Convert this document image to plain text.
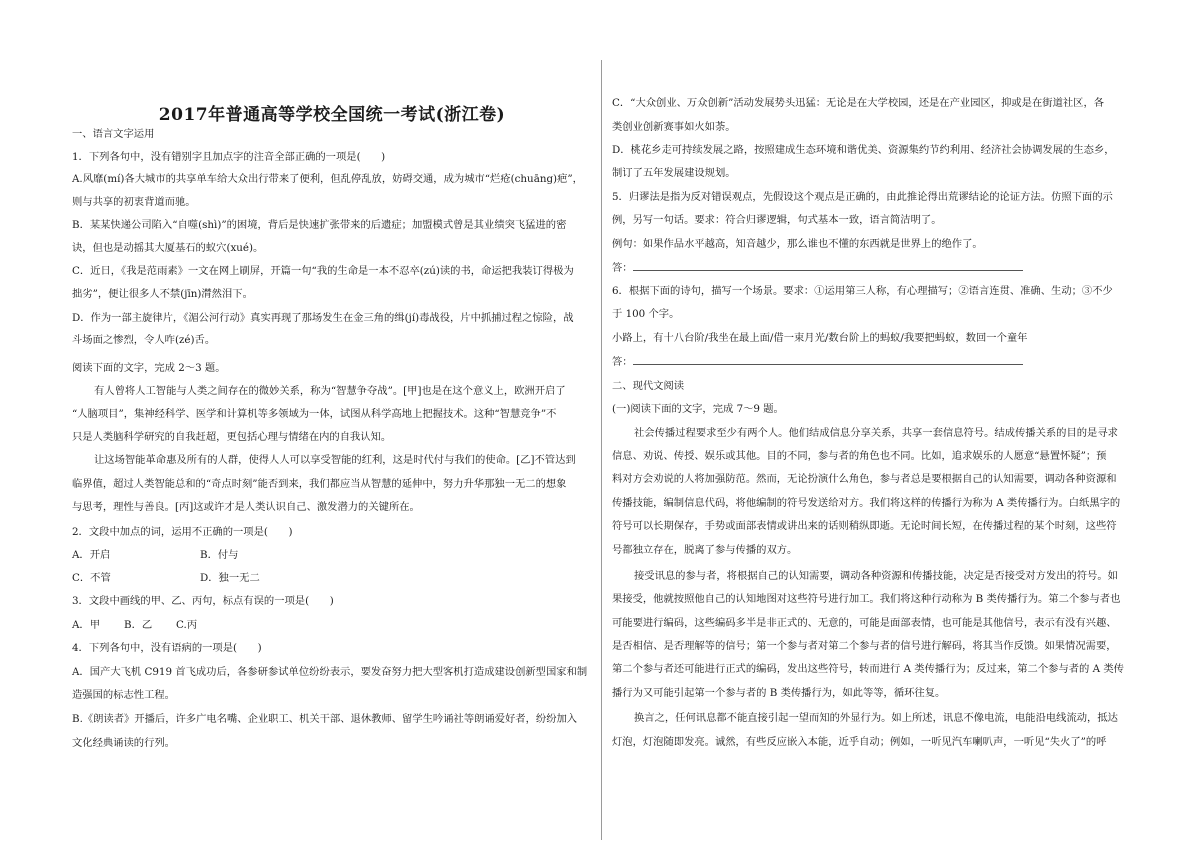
2017年普通高等学校全国统一考试(浙江卷)
一、语言文字运用
1．下列各句中，没有错别字且加点字的注音全部正确的一项是(　　)
A.风靡(mí)各大城市的共享单车给大众出行带来了便利，但乱停乱放，妨碍交通，成为城市“烂疮(chuāng)疤”，
则与共享的初衷背道而驰。
B．某某快递公司陷入“自噬(shì)”的困境，背后是快速扩张带来的后遗症；加盟模式曾是其业绩突飞猛进的密
诀，但也是动摇其大厦基石的蚁穴(xué)。
C．近日，《我是范雨素》一文在网上刷屏，开篇一句“我的生命是一本不忍卒(zú)读的书，命运把我装订得极为
拙劣”，便让很多人不禁(jīn)潸然泪下。
D．作为一部主旋律片，《湄公河行动》真实再现了那场发生在金三角的缉(jí)毒战役，片中抓捕过程之惊险，战
斗场面之惨烈，令人咋(zé)舌。
阅读下面的文字，完成 2～3 题。
有人曾将人工智能与人类之间存在的微妙关系，称为“智慧争夺战”。[甲]也是在这个意义上，欧洲开启了
“人脑项目”，集神经科学、医学和计算机等多领域为一体，试图从科学高地上把握技术。这种“智慧竞争”不
只是人类脑科学研究的自我赶超，更包括心理与情绪在内的自我认知。
让这场智能革命惠及所有的人群，使得人人可以享受智能的红利，这是时代付与我们的使命。[乙]不管达到
临界值，超过人类智能总和的“奇点时刻”能否到来，我们都应当从智慧的延伸中，努力升华那独一无二的想象
与思考，理性与善良。[丙]这或许才是人类认识自己、激发潜力的关键所在。
2．文段中加点的词，运用不正确的一项是(　　)
A．开启	B．付与
C．不管	D．独一无二
3．文段中画线的甲、乙、丙句，标点有误的一项是(　　)
A．甲 B．乙 C.丙
4．下列各句中，没有语病的一项是(　　)
A．国产大飞机 C919 首飞成功后，各参研参试单位纷纷表示，要发奋努力把大型客机打造成建设创新型国家和制
造强国的标志性工程。
B.《朗读者》开播后，许多广电名嘴、企业职工、机关干部、退休教师、留学生吟诵社等朗诵爱好者，纷纷加入
文化经典诵读的行列。
C．“大众创业、万众创新”活动发展势头迅猛：无论是在大学校园，还是在产业园区，抑或是在街道社区，各
类创业创新赛事如火如荼。
D．桃花乡走可持续发展之路，按照建成生态环境和谐优美、资源集约节约利用、经济社会协调发展的生态乡，
制订了五年发展建设规划。
5．归谬法是指为反对错误观点，先假设这个观点是正确的，由此推论得出荒谬结论的论证方法。仿照下面的示
例，另写一句话。要求：符合归谬逻辑，句式基本一致，语言简洁明了。
例句：如果作品水平越高，知音越少，那么谁也不懂的东西就是世界上的绝作了。
答：
6．根据下面的诗句，描写一个场景。要求：①运用第三人称，有心理描写；②语言连贯、准确、生动；③不少
于 100 个字。
小路上，有十八台阶/我坐在最上面/借一束月光/数台阶上的蚂蚁/我要把蚂蚁，数回一个童年
答：
二、现代文阅读
(一)阅读下面的文字，完成 7～9 题。
社会传播过程要求至少有两个人。他们结成信息分享关系，共享一套信息符号。结成传播关系的目的是寻求
信息、劝说、传授、娱乐或其他。目的不同，参与者的角色也不同。比如，追求娱乐的人愿意“悬置怀疑”；预
料对方会劝说的人将加强防范。然而，无论扮演什么角色，参与者总是要根据自己的认知需要，调动各种资源和
传播技能，编制信息代码，将他编制的符号发送给对方。我们将这样的传播行为称为 A 类传播行为。白纸黑字的
符号可以长期保存，手势或面部表情或讲出来的话则稍纵即逝。无论时间长短，在传播过程的某个时刻，这些符
号都独立存在，脱离了参与传播的双方。
接受讯息的参与者，将根据自己的认知需要，调动各种资源和传播技能，决定是否接受对方发出的符号。如
果接受，他就按照他自己的认知地图对这些符号进行加工。我们将这种行动称为 B 类传播行为。第二个参与者也
可能要进行编码，这些编码多半是非正式的、无意的，可能是面部表情，也可能是其他信号，表示有没有兴趣、
是否相信、是否理解等的信号；第一个参与者对第二个参与者的信号进行解码，将其当作反馈。如果情况需要，
第二个参与者还可能进行正式的编码，发出这些符号，转而进行 A 类传播行为；反过来，第二个参与者的 A 类传
播行为又可能引起第一个参与者的 B 类传播行为，如此等等，循环往复。
换言之，任何讯息都不能直接引起一望而知的外显行为。如上所述，讯息不像电流，电能沿电线流动，抵达
灯泡，灯泡随即发亮。诚然，有些反应嵌入本能，近乎自动；例如，一听见汽车喇叭声，一听见“失火了”的呼
